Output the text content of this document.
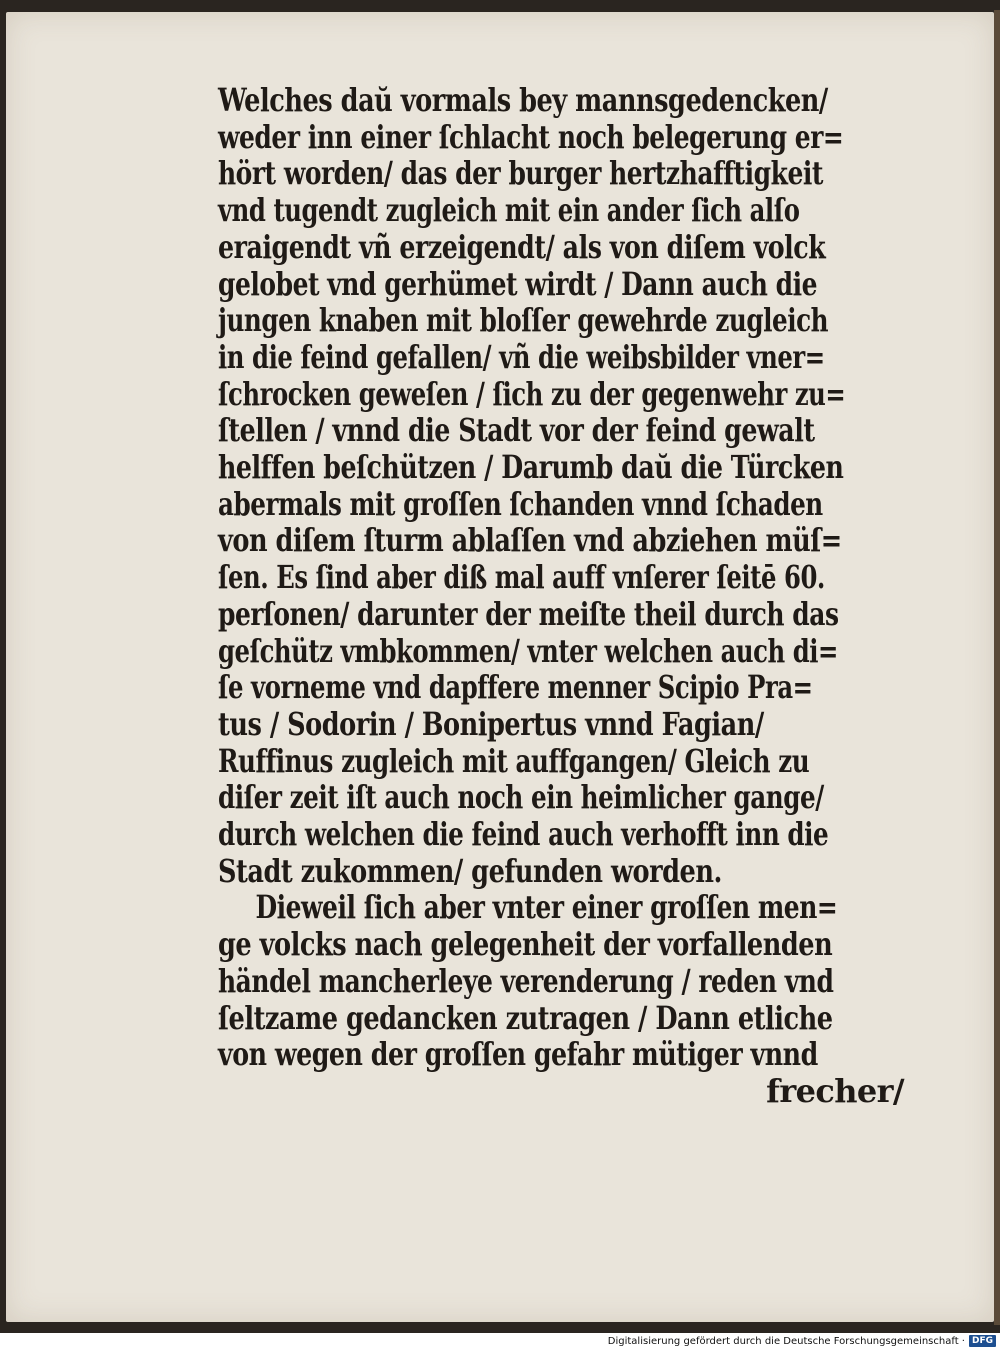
Welches daŭ vormals bey mannsgedencken/
weder inn einer ſchlacht noch belegerung er=
hört worden/ das der burger hertzhafftigkeit
vnd tugendt zugleich mit ein ander ſich alſo
eraigendt vñ erzeigendt/ als von diſem volck
gelobet vnd gerhümet wirdt / Dann auch die
jungen knaben mit bloſſer gewehrde zugleich
in die feind gefallen/ vñ die weibsbilder vner=
ſchrocken geweſen / ſich zu der gegenwehr zu=
ſtellen / vnnd die Stadt vor der feind gewalt
helffen beſchützen / Darumb daŭ die Türcken
abermals mit groſſen ſchanden vnnd ſchaden
von diſem ſturm ablaſſen vnd abziehen müſ=
ſen. Es ſind aber diß mal auff vnſerer ſeitē 60.
perſonen/ darunter der meiſte theil durch das
geſchütz vmbkommen/ vnter welchen auch di=
ſe vorneme vnd dapffere menner Scipio Pra=
tus / Sodorin / Bonipertus vnnd Fagian/
Ruffinus zugleich mit auffgangen/ Gleich zu
diſer zeit iſt auch noch ein heimlicher gange/
durch welchen die feind auch verhofft inn die
Stadt zukommen/ gefunden worden.
Dieweil ſich aber vnter einer groſſen men=
ge volcks nach gelegenheit der vorfallenden
händel mancherleye verenderung / reden vnd
ſeltzame gedancken zutragen / Dann etliche
von wegen der groſſen gefahr mütiger vnnd
frecher/
Digitalisierung gefördert durch die Deutsche Forschungsgemeinschaft · DFG
